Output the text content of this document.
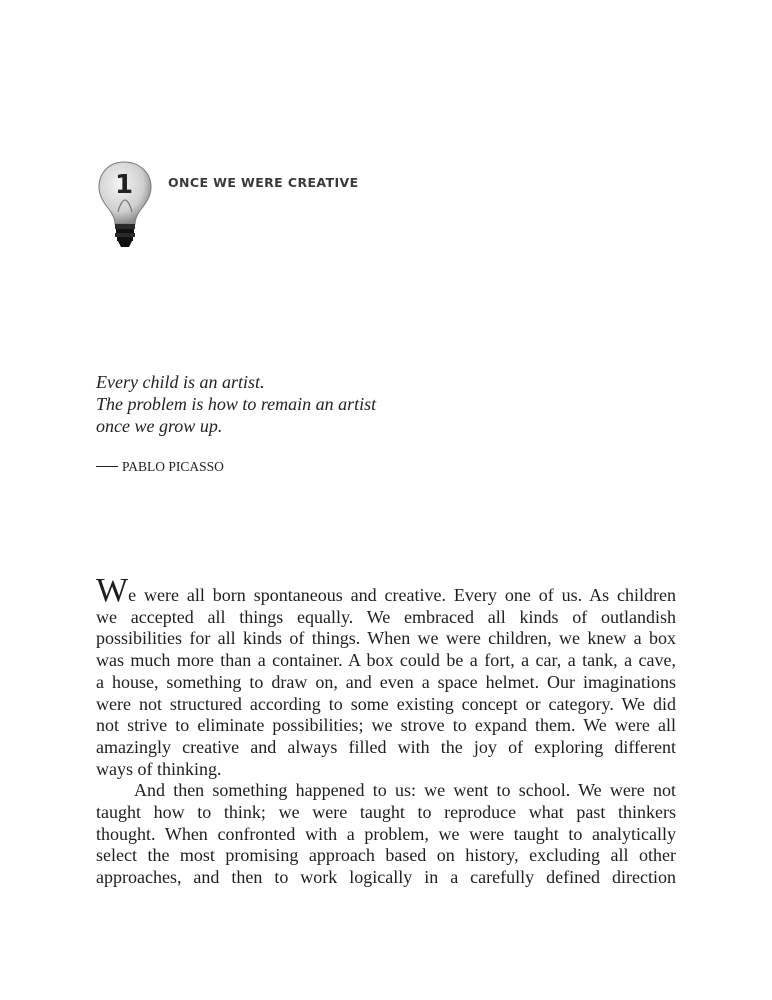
1	ONCE WE WERE CREATIVE
Every child is an artist.
The problem is how to remain an artist
once we grow up.
PABLO PICASSO
We were all born spontaneous and creative. Every one of us. As children
we accepted all things equally. We embraced all kinds of outlandish
possibilities for all kinds of things. When we were children, we knew a box
was much more than a container. A box could be a fort, a car, a tank, a cave,
a house, something to draw on, and even a space helmet. Our imaginations
were not structured according to some existing concept or category. We did
not strive to eliminate possibilities; we strove to expand them. We were all
amazingly creative and always filled with the joy of exploring different
ways of thinking.
And then something happened to us: we went to school. We were not
taught how to think; we were taught to reproduce what past thinkers
thought. When confronted with a problem, we were taught to analytically
select the most promising approach based on history, excluding all other
approaches, and then to work logically in a carefully defined direction
